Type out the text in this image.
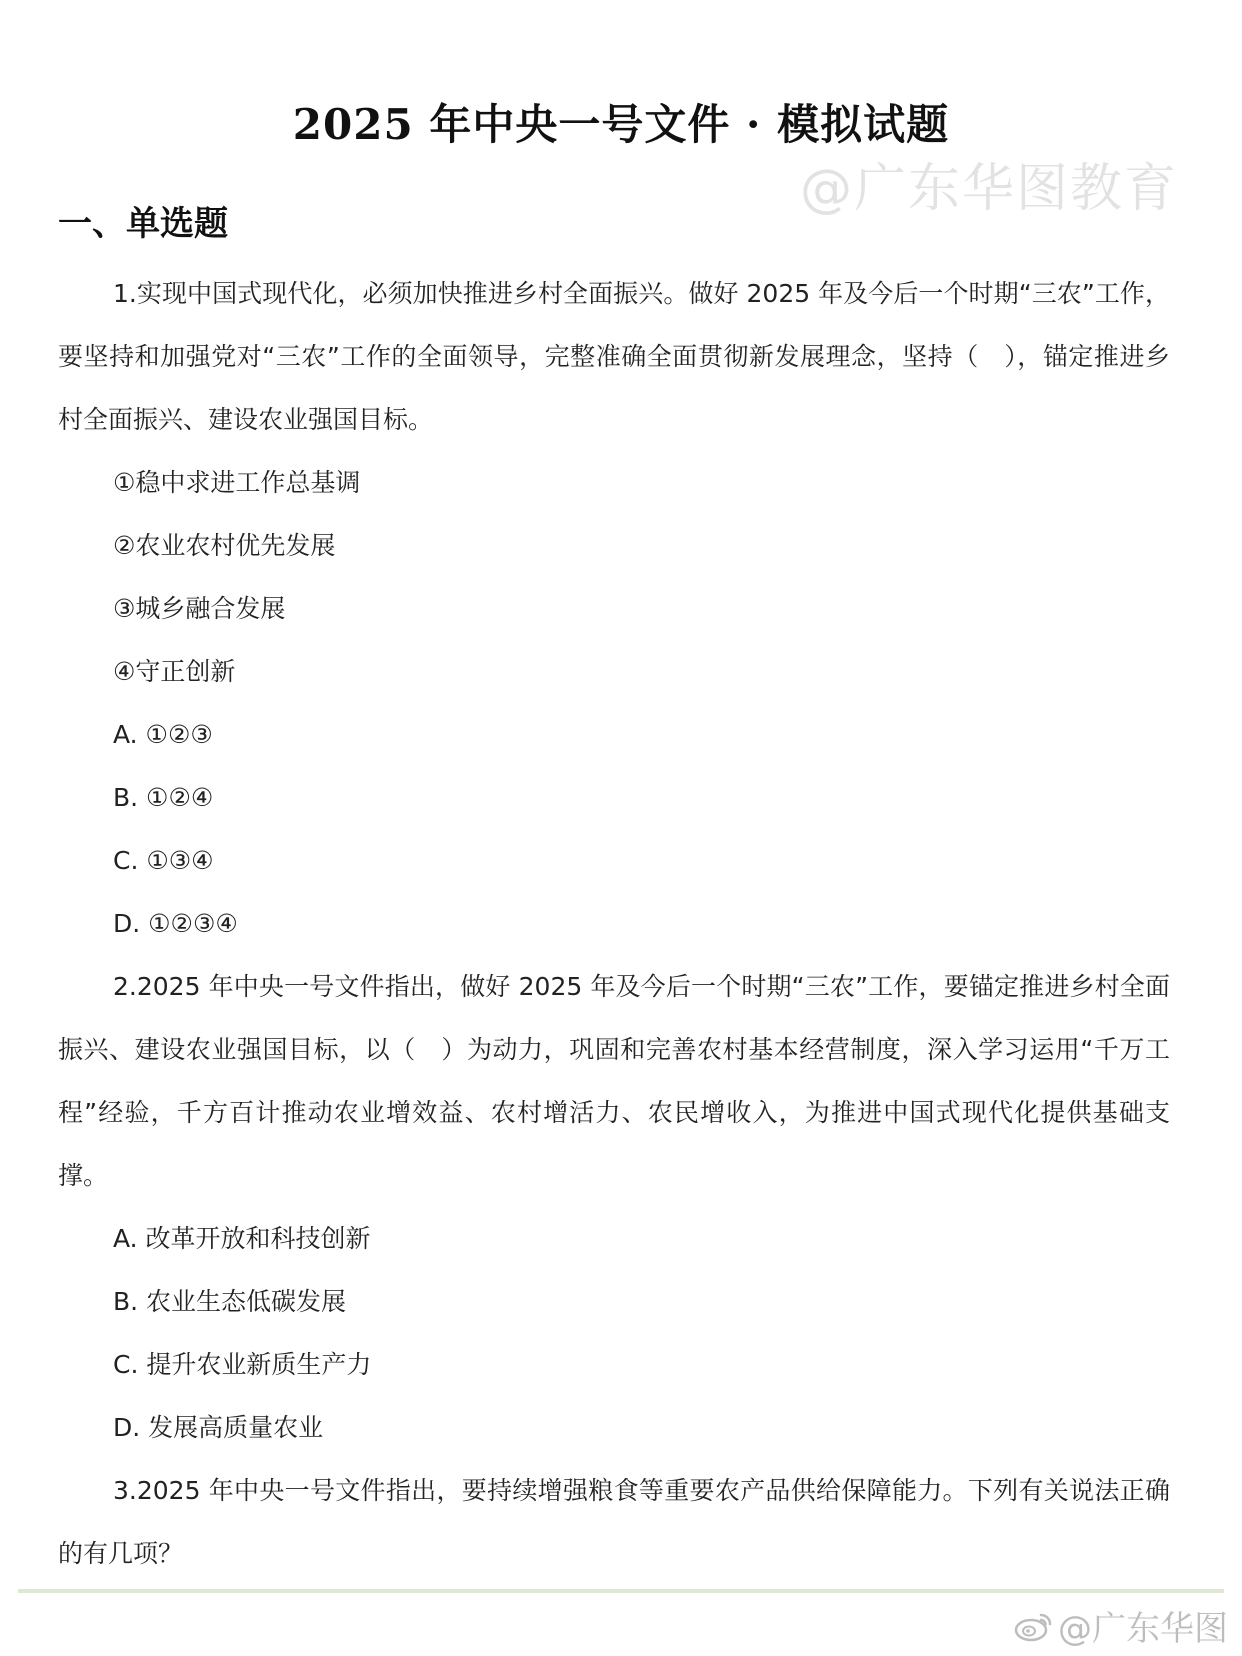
2025 年中央一号文件 · 模拟试题
@广东华图教育
一、单选题

1.实现中国式现代化，必须加快推进乡村全面振兴。做好 2025 年及今后一个时期“三农”工作，要坚持和加强党对“三农”工作的全面领导，完整准确全面贯彻新发展理念，坚持（　），锚定推进乡村全面振兴、建设农业强国目标。

①稳中求进工作总基调

②农业农村优先发展

③城乡融合发展

④守正创新

A. ①②③

B. ①②④

C. ①③④

D. ①②③④

2.2025 年中央一号文件指出，做好 2025 年及今后一个时期“三农”工作，要锚定推进乡村全面振兴、建设农业强国目标，以（　）为动力，巩固和完善农村基本经营制度，深入学习运用“千万工程”经验，千方百计推动农业增效益、农村增活力、农民增收入，为推进中国式现代化提供基础支撑。

A. 改革开放和科技创新

B. 农业生态低碳发展

C. 提升农业新质生产力

D. 发展高质量农业

3.2025 年中央一号文件指出，要持续增强粮食等重要农产品供给保障能力。下列有关说法正确的有几项？

@广东华图
